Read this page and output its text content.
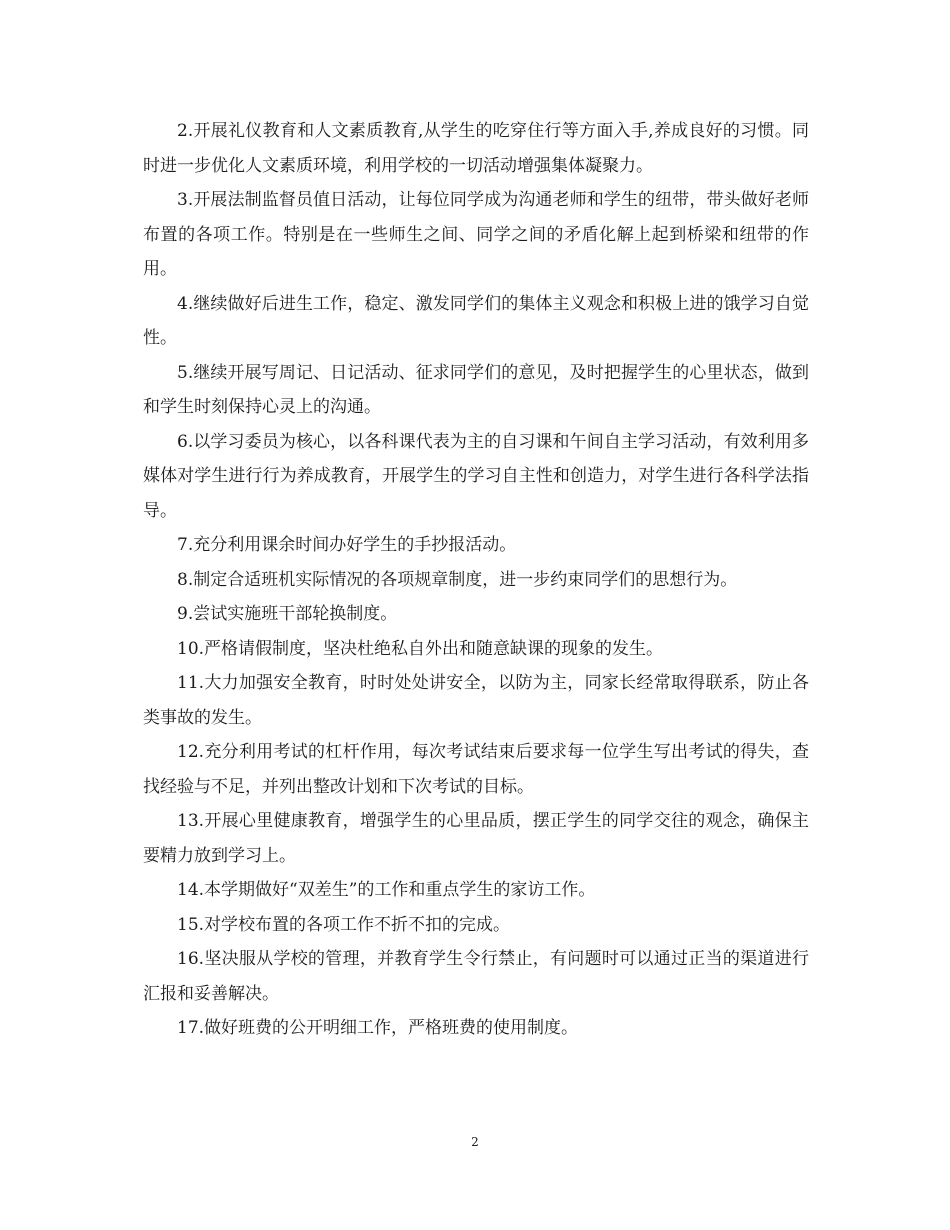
2.开展礼仪教育和人文素质教育,从学生的吃穿住行等方面入手,养成良好的习惯。同时进一步优化人文素质环境，利用学校的一切活动增强集体凝聚力。

3.开展法制监督员值日活动，让每位同学成为沟通老师和学生的纽带，带头做好老师布置的各项工作。特别是在一些师生之间、同学之间的矛盾化解上起到桥梁和纽带的作用。

4.继续做好后进生工作，稳定、激发同学们的集体主义观念和积极上进的饿学习自觉性。

5.继续开展写周记、日记活动、征求同学们的意见，及时把握学生的心里状态，做到和学生时刻保持心灵上的沟通。

6.以学习委员为核心，以各科课代表为主的自习课和午间自主学习活动，有效利用多媒体对学生进行行为养成教育，开展学生的学习自主性和创造力，对学生进行各科学法指导。

7.充分利用课余时间办好学生的手抄报活动。

8.制定合适班机实际情况的各项规章制度，进一步约束同学们的思想行为。

9.尝试实施班干部轮换制度。

10.严格请假制度，坚决杜绝私自外出和随意缺课的现象的发生。

11.大力加强安全教育，时时处处讲安全，以防为主，同家长经常取得联系，防止各类事故的发生。

12.充分利用考试的杠杆作用，每次考试结束后要求每一位学生写出考试的得失，查找经验与不足，并列出整改计划和下次考试的目标。

13.开展心里健康教育，增强学生的心里品质，摆正学生的同学交往的观念，确保主要精力放到学习上。

14.本学期做好“双差生”的工作和重点学生的家访工作。

15.对学校布置的各项工作不折不扣的完成。

16.坚决服从学校的管理，并教育学生令行禁止，有问题时可以通过正当的渠道进行汇报和妥善解决。

17.做好班费的公开明细工作，严格班费的使用制度。

2
